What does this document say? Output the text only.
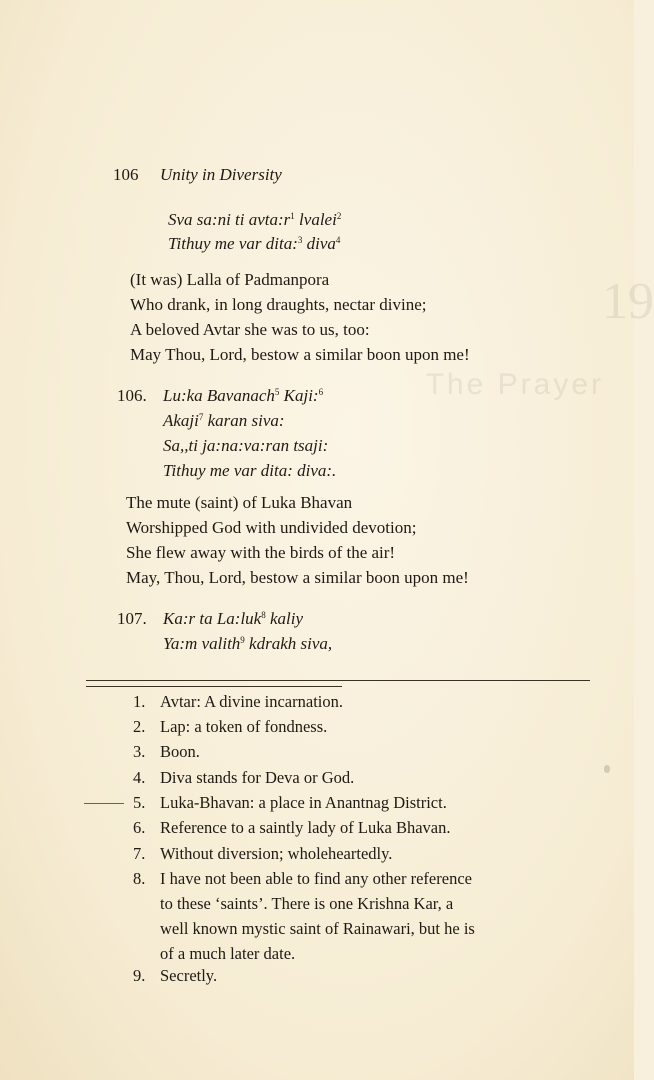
19
The Prayer
106 Unity in Diversity
Sva sa:ni ti $avta:r^1$ lvalei$^2$
Tithuy me var dita:$^3$ diva$^4$
(It was) Lalla of Padmanpora
Who drank, in long draughts, nectar divine;
A beloved Avtar she was to us, too:
May Thou, Lord, bestow a similar boon upon me!
106. Lu:ka Bavanach$^5$ Kaji:$^6$
Akaji$^7$ karan siva:
Sa,,ti ja:na:va:ran tsaji:
Tithuy me var dita: diva:.
The mute (saint) of Luka Bhavan
Worshipped God with undivided devotion;
She flew away with the birds of the air!
May, Thou, Lord, bestow a similar boon upon me!
107. Ka:r ta La:luk$^8$ kaliy
Ya:m valith$^9$ kdrakh siva,
1. Avtar: A divine incarnation.
2. Lap: a token of fondness.
3. Boon.
4. Diva stands for Deva or God.
5. Luka-Bhavan: a place in Anantnag District.
6. Reference to a saintly lady of Luka Bhavan.
7. Without diversion; wholeheartedly.
8. I have not been able to find any other reference
to these ‘saints’. There is one Krishna Kar, a
well known mystic saint of Rainawari, but he is
of a much later date.
9. Secretly.
